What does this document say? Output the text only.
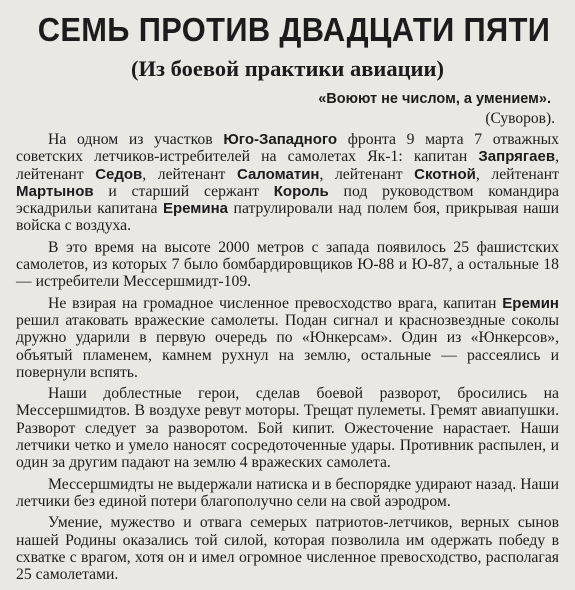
СЕМЬ ПРОТИВ ДВАДЦАТИ ПЯТИ
(Из боевой практики авиации)
«Воюют не числом, а умением».
(Суворов).

На одном из участков Юго-Западного фронта 9 марта 7 отважных советских летчиков-истребителей на самолетах Як-1: капитан Запрягаев, лейтенант Седов, лейтенант Саломатин, лейтенант Скотной, лейтенант Мартынов и старший сержант Король под руководством командира эскадрильи капитана Еремина патрулировали над полем боя, прикрывая наши войска с воздуха.

В это время на высоте 2000 метров с запада появилось 25 фашистских самолетов, из которых 7 было бомбардировщиков Ю-88 и Ю-87, а остальные 18 — истребители Мессершмидт-109.

Не взирая на громадное численное превосходство врага, капитан Еремин решил атаковать вражеские самолеты. Подан сигнал и краснозвездные соколы дружно ударили в первую очередь по «Юнкерсам». Один из «Юнкерсов», объятый пламенем, камнем рухнул на землю, остальные — рассеялись и повернули вспять.

Наши доблестные герои, сделав боевой разворот, бросились на Мессершмидтов. В воздухе ревут моторы. Трещат пулеметы. Гремят авиапушки. Разворот следует за разворотом. Бой кипит. Ожесточение нарастает. Наши летчики четко и умело наносят сосредоточенные удары. Противник распылен, и один за другим падают на землю 4 вражеских самолета.

Мессершмидты не выдержали натиска и в беспорядке удирают назад. Наши летчики без единой потери благополучно сели на свой аэродром.

Умение, мужество и отвага семерых патриотов-летчиков, верных сынов нашей Родины оказались той силой, которая позволила им одержать победу в схватке с врагом, хотя он и имел огромное численное превосходство, располагая 25 самолетами.
